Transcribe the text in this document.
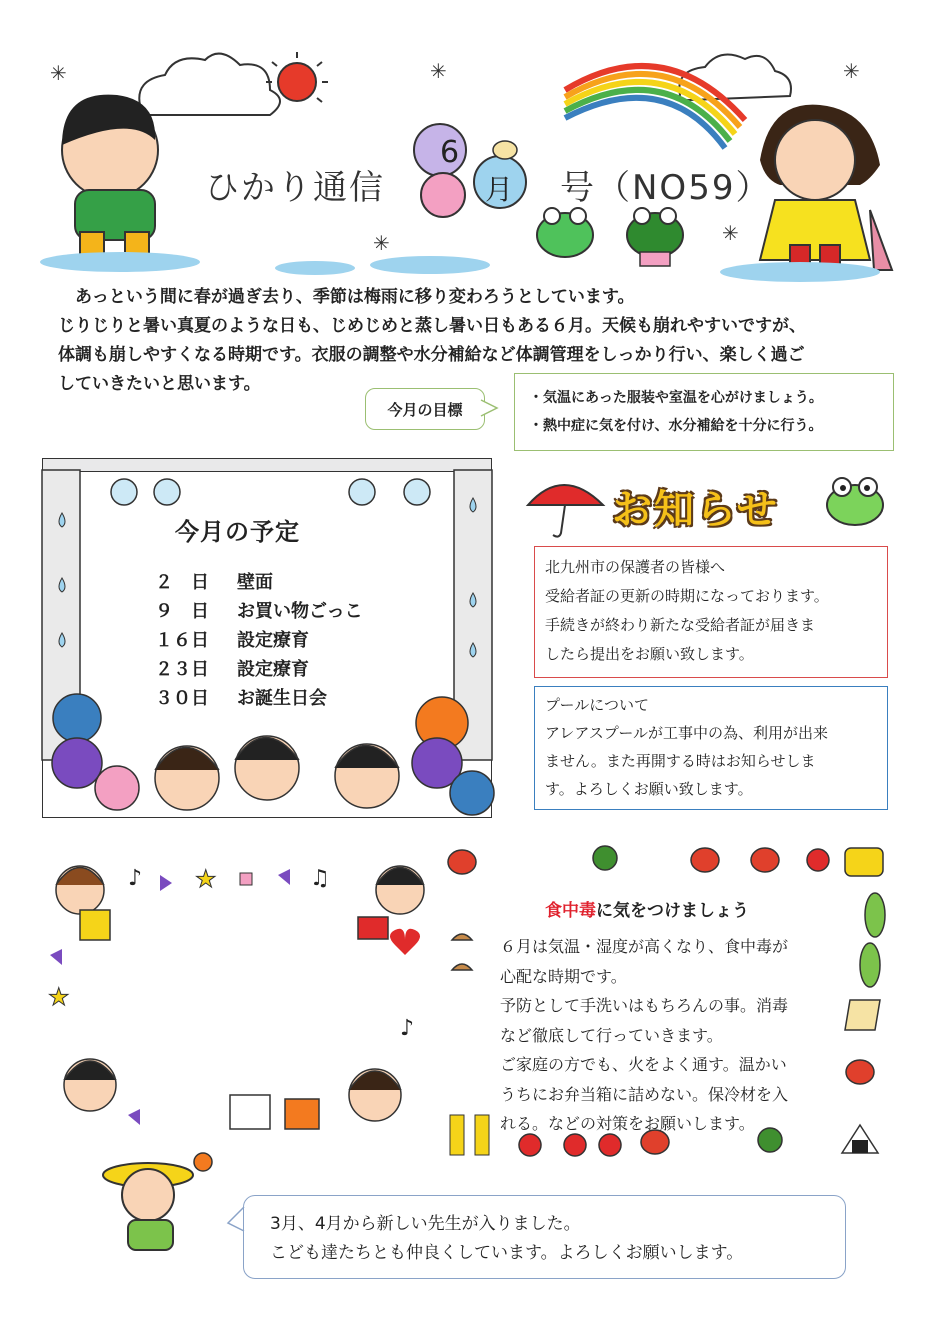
✳	✳	✳
✳	✳
ひかり通信
6
月 号（NO59）

　あっという間に春が過ぎ去り、季節は梅雨に移り変わろうとしています。

じりじりと暑い真夏のような日も、じめじめと蒸し暑い日もある６月。天候も崩れやすいですが、

体調も崩しやすくなる時期です。衣服の調整や水分補給など体調管理をしっかり行い、楽しく過ご

していきたいと思います。

今月の目標
・気温にあった服装や室温を心がけましょう。
・熱中症に気を付け、水分補給を十分に行う。
今月の予定
２　日	壁面
９　日	お買い物ごっこ
１６日	設定療育
２３日	設定療育
３０日	お誕生日会
お知らせ
北九州市の保護者の皆様へ
受給者証の更新の時期になっております。
手続きが終わり新たな受給者証が届きま
したら提出をお願い致します。
プールについて
アレアスプールが工事中の為、利用が出来
ません。また再開する時はお知らせしま
す。よろしくお願い致します。
♪	♫
♪
★
★
食中毒に気をつけましょう
６月は気温・湿度が高くなり、食中毒が
心配な時期です。
予防として手洗いはもちろんの事。消毒
など徹底して行っていきます。
ご家庭の方でも、火をよく通す。温かい
うちにお弁当箱に詰めない。保冷材を入
れる。などの対策をお願いします。
3月、4月から新しい先生が入りました。
こども達たちとも仲良くしています。よろしくお願いします。
